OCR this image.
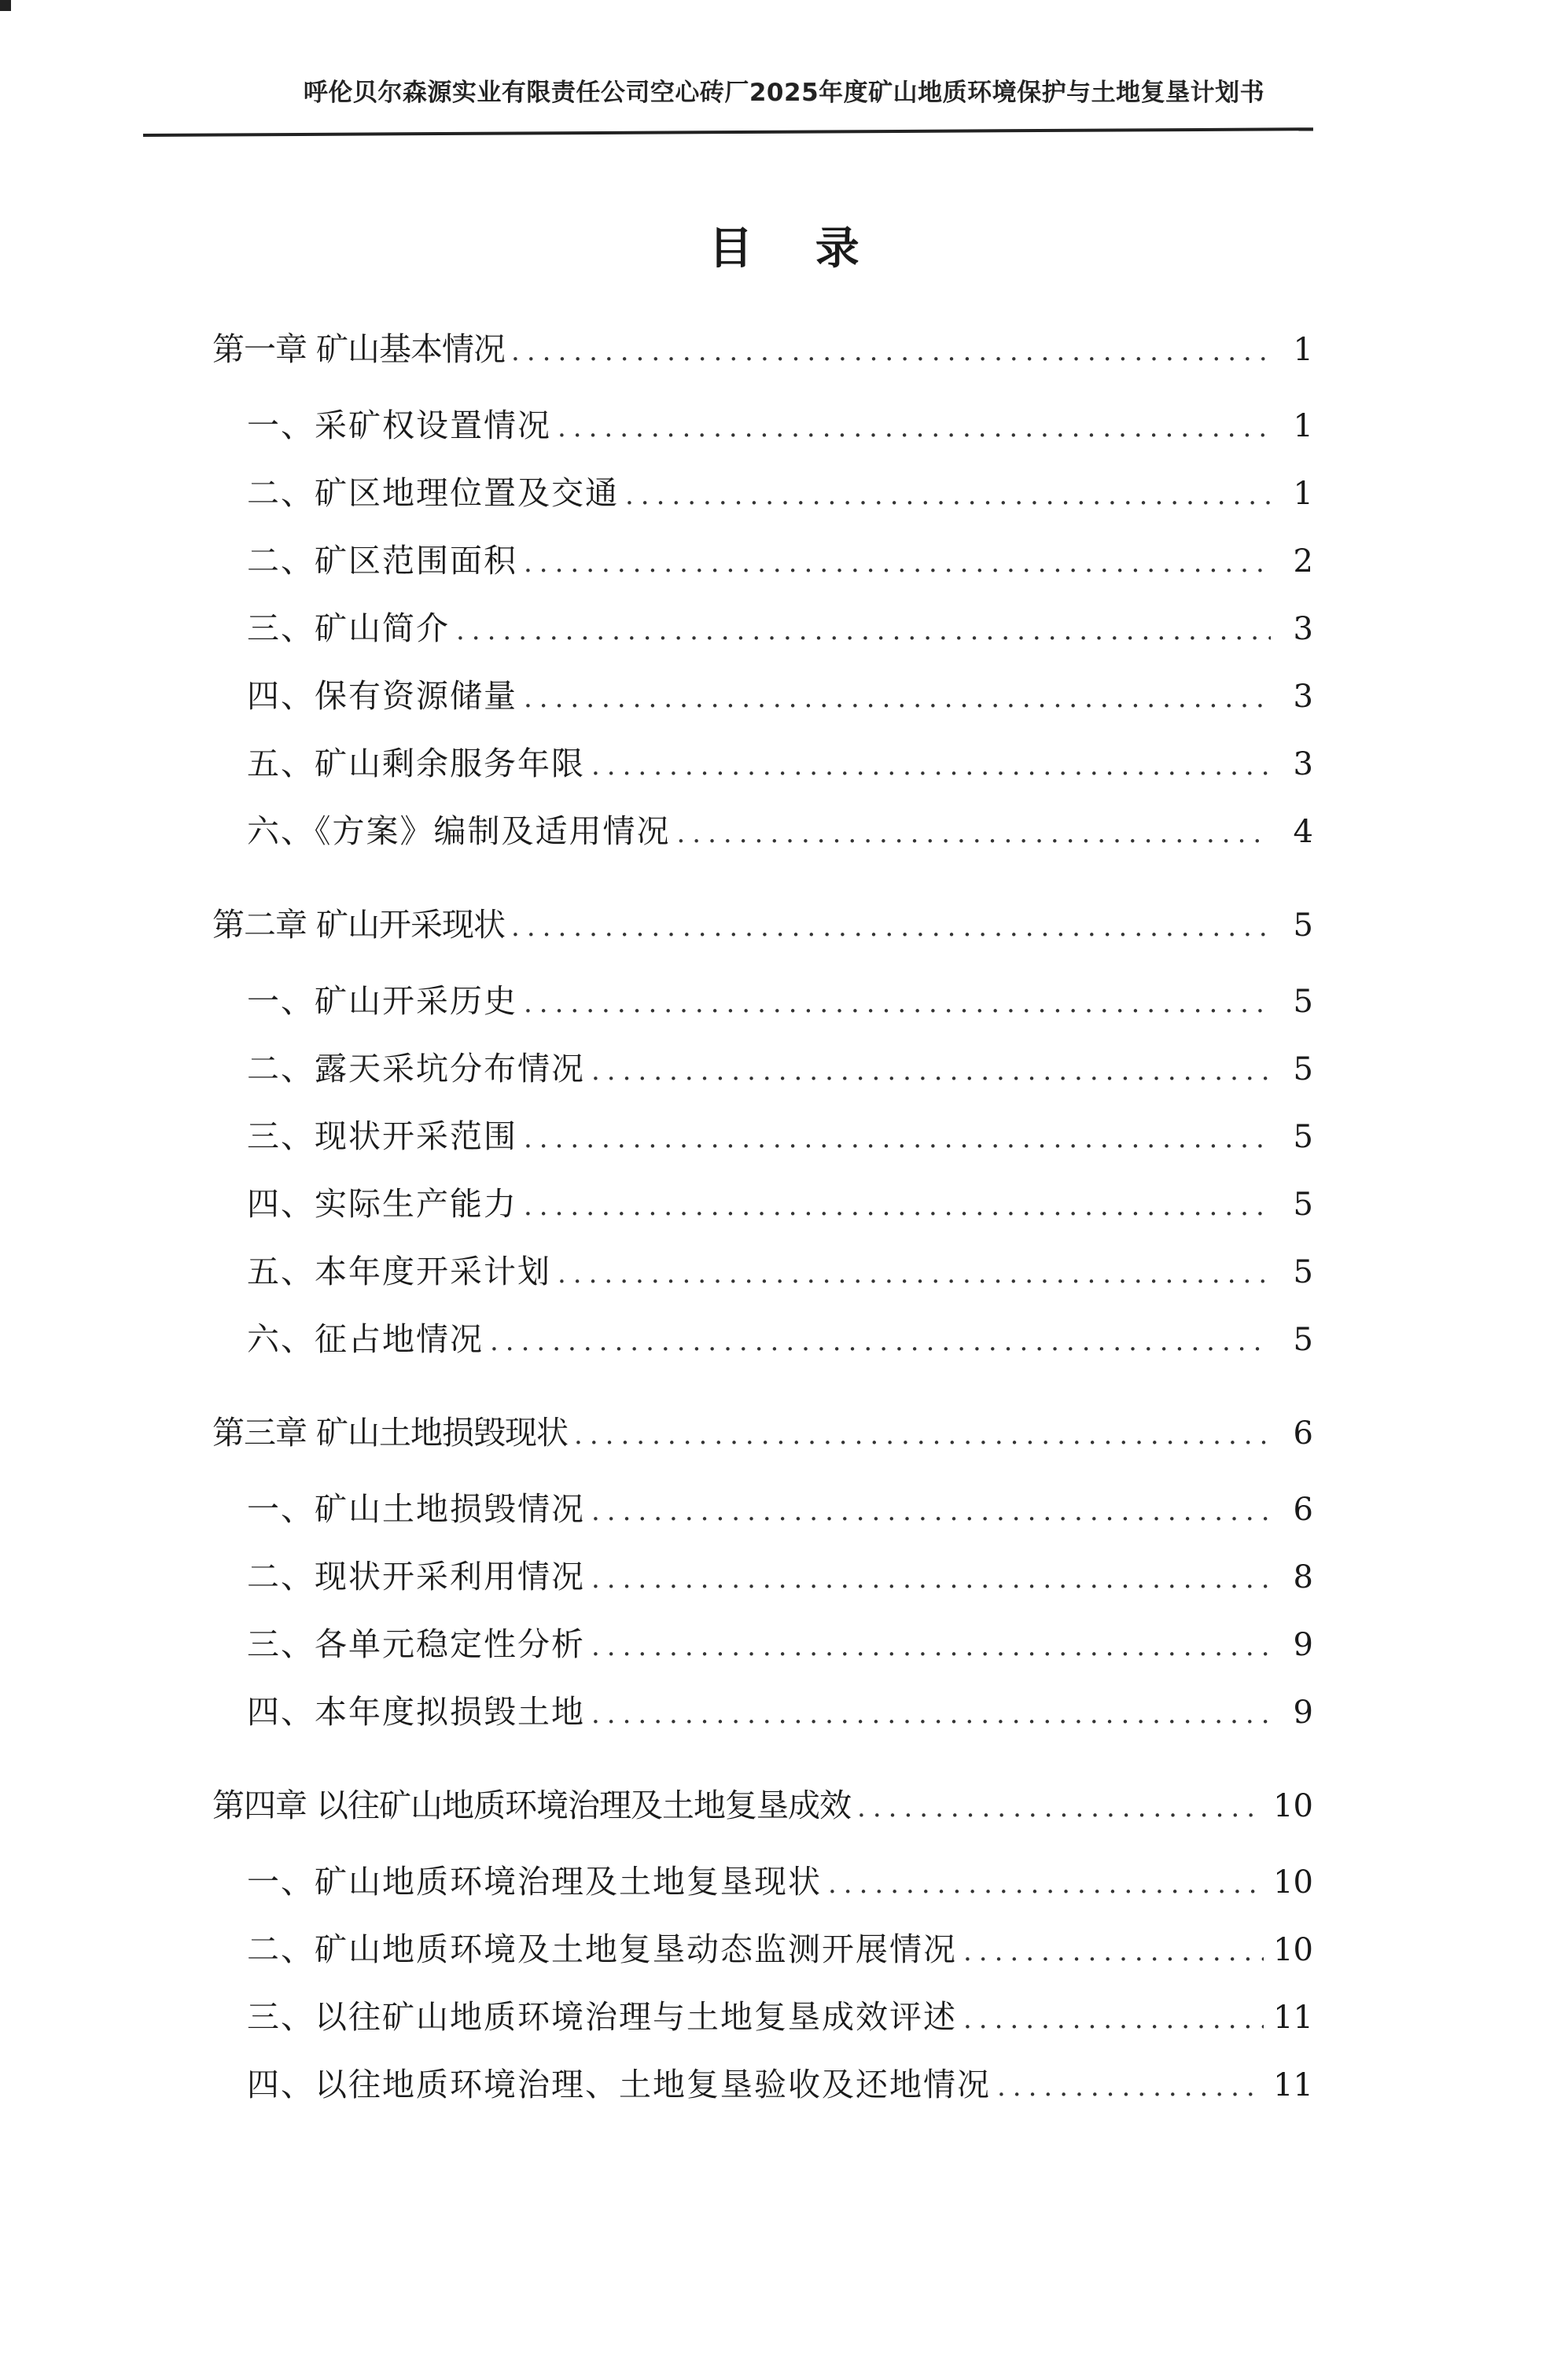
呼伦贝尔森源实业有限责任公司空心砖厂2025年度矿山地质环境保护与土地复垦计划书
目 录
第一章 矿山基本情况 .....	1
一、采矿权设置情况 .....	1
二、矿区地理位置及交通 .....	1
二、矿区范围面积 .....	2
三、矿山简介 .....	3
四、保有资源储量 .....	3
五、矿山剩余服务年限 .....	3
六、《方案》编制及适用情况 .....	4
第二章 矿山开采现状 .....	5
一、矿山开采历史 .....	5
二、露天采坑分布情况 .....	5
三、现状开采范围 .....	5
四、实际生产能力 .....	5
五、本年度开采计划 .....	5
六、征占地情况 .....	5
第三章 矿山土地损毁现状 .....	6
一、矿山土地损毁情况 .....	6
二、现状开采利用情况 .....	8
三、各单元稳定性分析 .....	9
四、本年度拟损毁土地 .....	9
第四章 以往矿山地质环境治理及土地复垦成效 .....	10
一、矿山地质环境治理及土地复垦现状 .....	10
二、矿山地质环境及土地复垦动态监测开展情况 .....	10
三、以往矿山地质环境治理与土地复垦成效评述 .....	11
四、以往地质环境治理、土地复垦验收及还地情况 .....	11
